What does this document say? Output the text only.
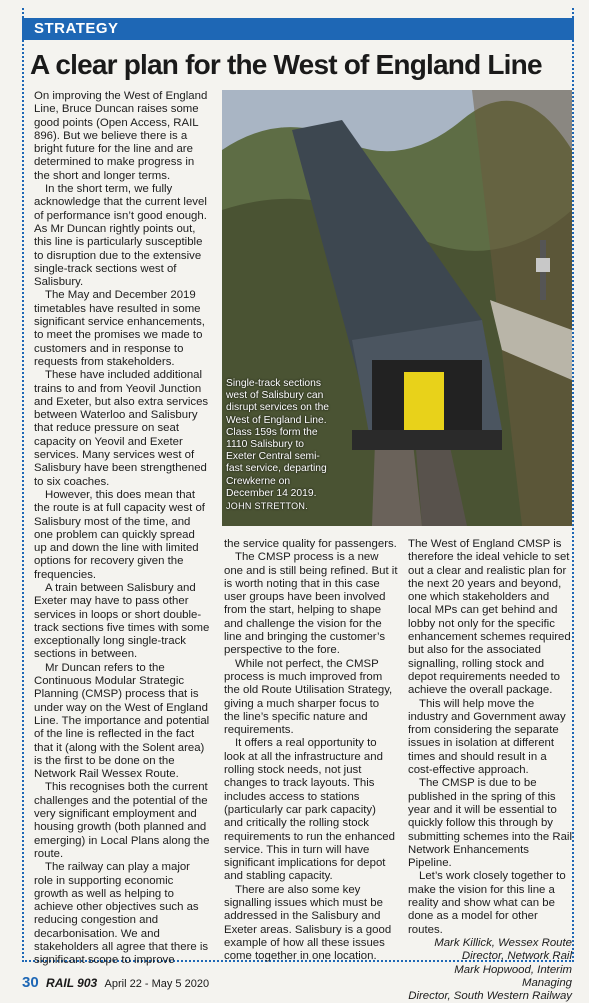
STRATEGY
A clear plan for the West of England Line

On improving the West of England Line, Bruce Duncan raises some good points (Open Access, RAIL 896). But we believe there is a bright future for the line and are determined to make progress in the short and longer terms.

In the short term, we fully acknowledge that the current level of performance isn’t good enough. As Mr Duncan rightly points out, this line is particularly susceptible to disruption due to the extensive single-track sections west of Salisbury.

The May and December 2019 timetables have resulted in some significant service enhancements, to meet the promises we made to customers and in response to requests from stakeholders.

These have included additional trains to and from Yeovil Junction and Exeter, but also extra services between Waterloo and Salisbury that reduce pressure on seat capacity on Yeovil and Exeter services. Many services west of Salisbury have been strengthened to six coaches.

However, this does mean that the route is at full capacity west of Salisbury most of the time, and one problem can quickly spread up and down the line with limited options for recovery given the frequencies.

A train between Salisbury and Exeter may have to pass other services in loops or short double-track sections five times with some exceptionally long single-track sections in between.

Mr Duncan refers to the Continuous Modular Strategic Planning (CMSP) process that is under way on the West of England Line. The importance and potential of the line is reflected in the fact that it (along with the Solent area) is the first to be done on the Network Rail Wessex Route.

This recognises both the current challenges and the potential of the very significant employment and housing growth (both planned and emerging) in Local Plans along the route.

The railway can play a major role in supporting economic growth as well as helping to achieve other objectives such as reducing congestion and decarbonisation. We and stakeholders all agree that there is significant scope to improve

Single-track sections west of Salisbury can disrupt services on the West of England Line. Class 159s form the 1110 Salisbury to Exeter Central semi-fast service, departing Crewkerne on December 14 2019. JOHN STRETTON.

the service quality for passengers.

The CMSP process is a new one and is still being refined. But it is worth noting that in this case user groups have been involved from the start, helping to shape and challenge the vision for the line and bringing the customer’s perspective to the fore.

While not perfect, the CMSP process is much improved from the old Route Utilisation Strategy, giving a much sharper focus to the line’s specific nature and requirements.

It offers a real opportunity to look at all the infrastructure and rolling stock needs, not just changes to track layouts. This includes access to stations (particularly car park capacity) and critically the rolling stock requirements to run the enhanced service. This in turn will have significant implications for depot and stabling capacity.

There are also some key signalling issues which must be addressed in the Salisbury and Exeter areas. Salisbury is a good example of how all these issues come together in one location.

The West of England CMSP is therefore the ideal vehicle to set out a clear and realistic plan for the next 20 years and beyond, one which stakeholders and local MPs can get behind and lobby not only for the specific enhancement schemes required but also for the associated signalling, rolling stock and depot requirements needed to achieve the overall package.

This will help move the industry and Government away from considering the separate issues in isolation at different times and should result in a cost-effective approach.

The CMSP is due to be published in the spring of this year and it will be essential to quickly follow this through by submitting schemes into the Rail Network Enhancements Pipeline.

Let’s work closely together to make the vision for this line a reality and show what can be done as a model for other routes.

Mark Killick, Wessex Route
Director, Network Rail
Mark Hopwood, Interim Managing
Director, South Western Railway
30 RAIL 903 April 22 - May 5 2020
